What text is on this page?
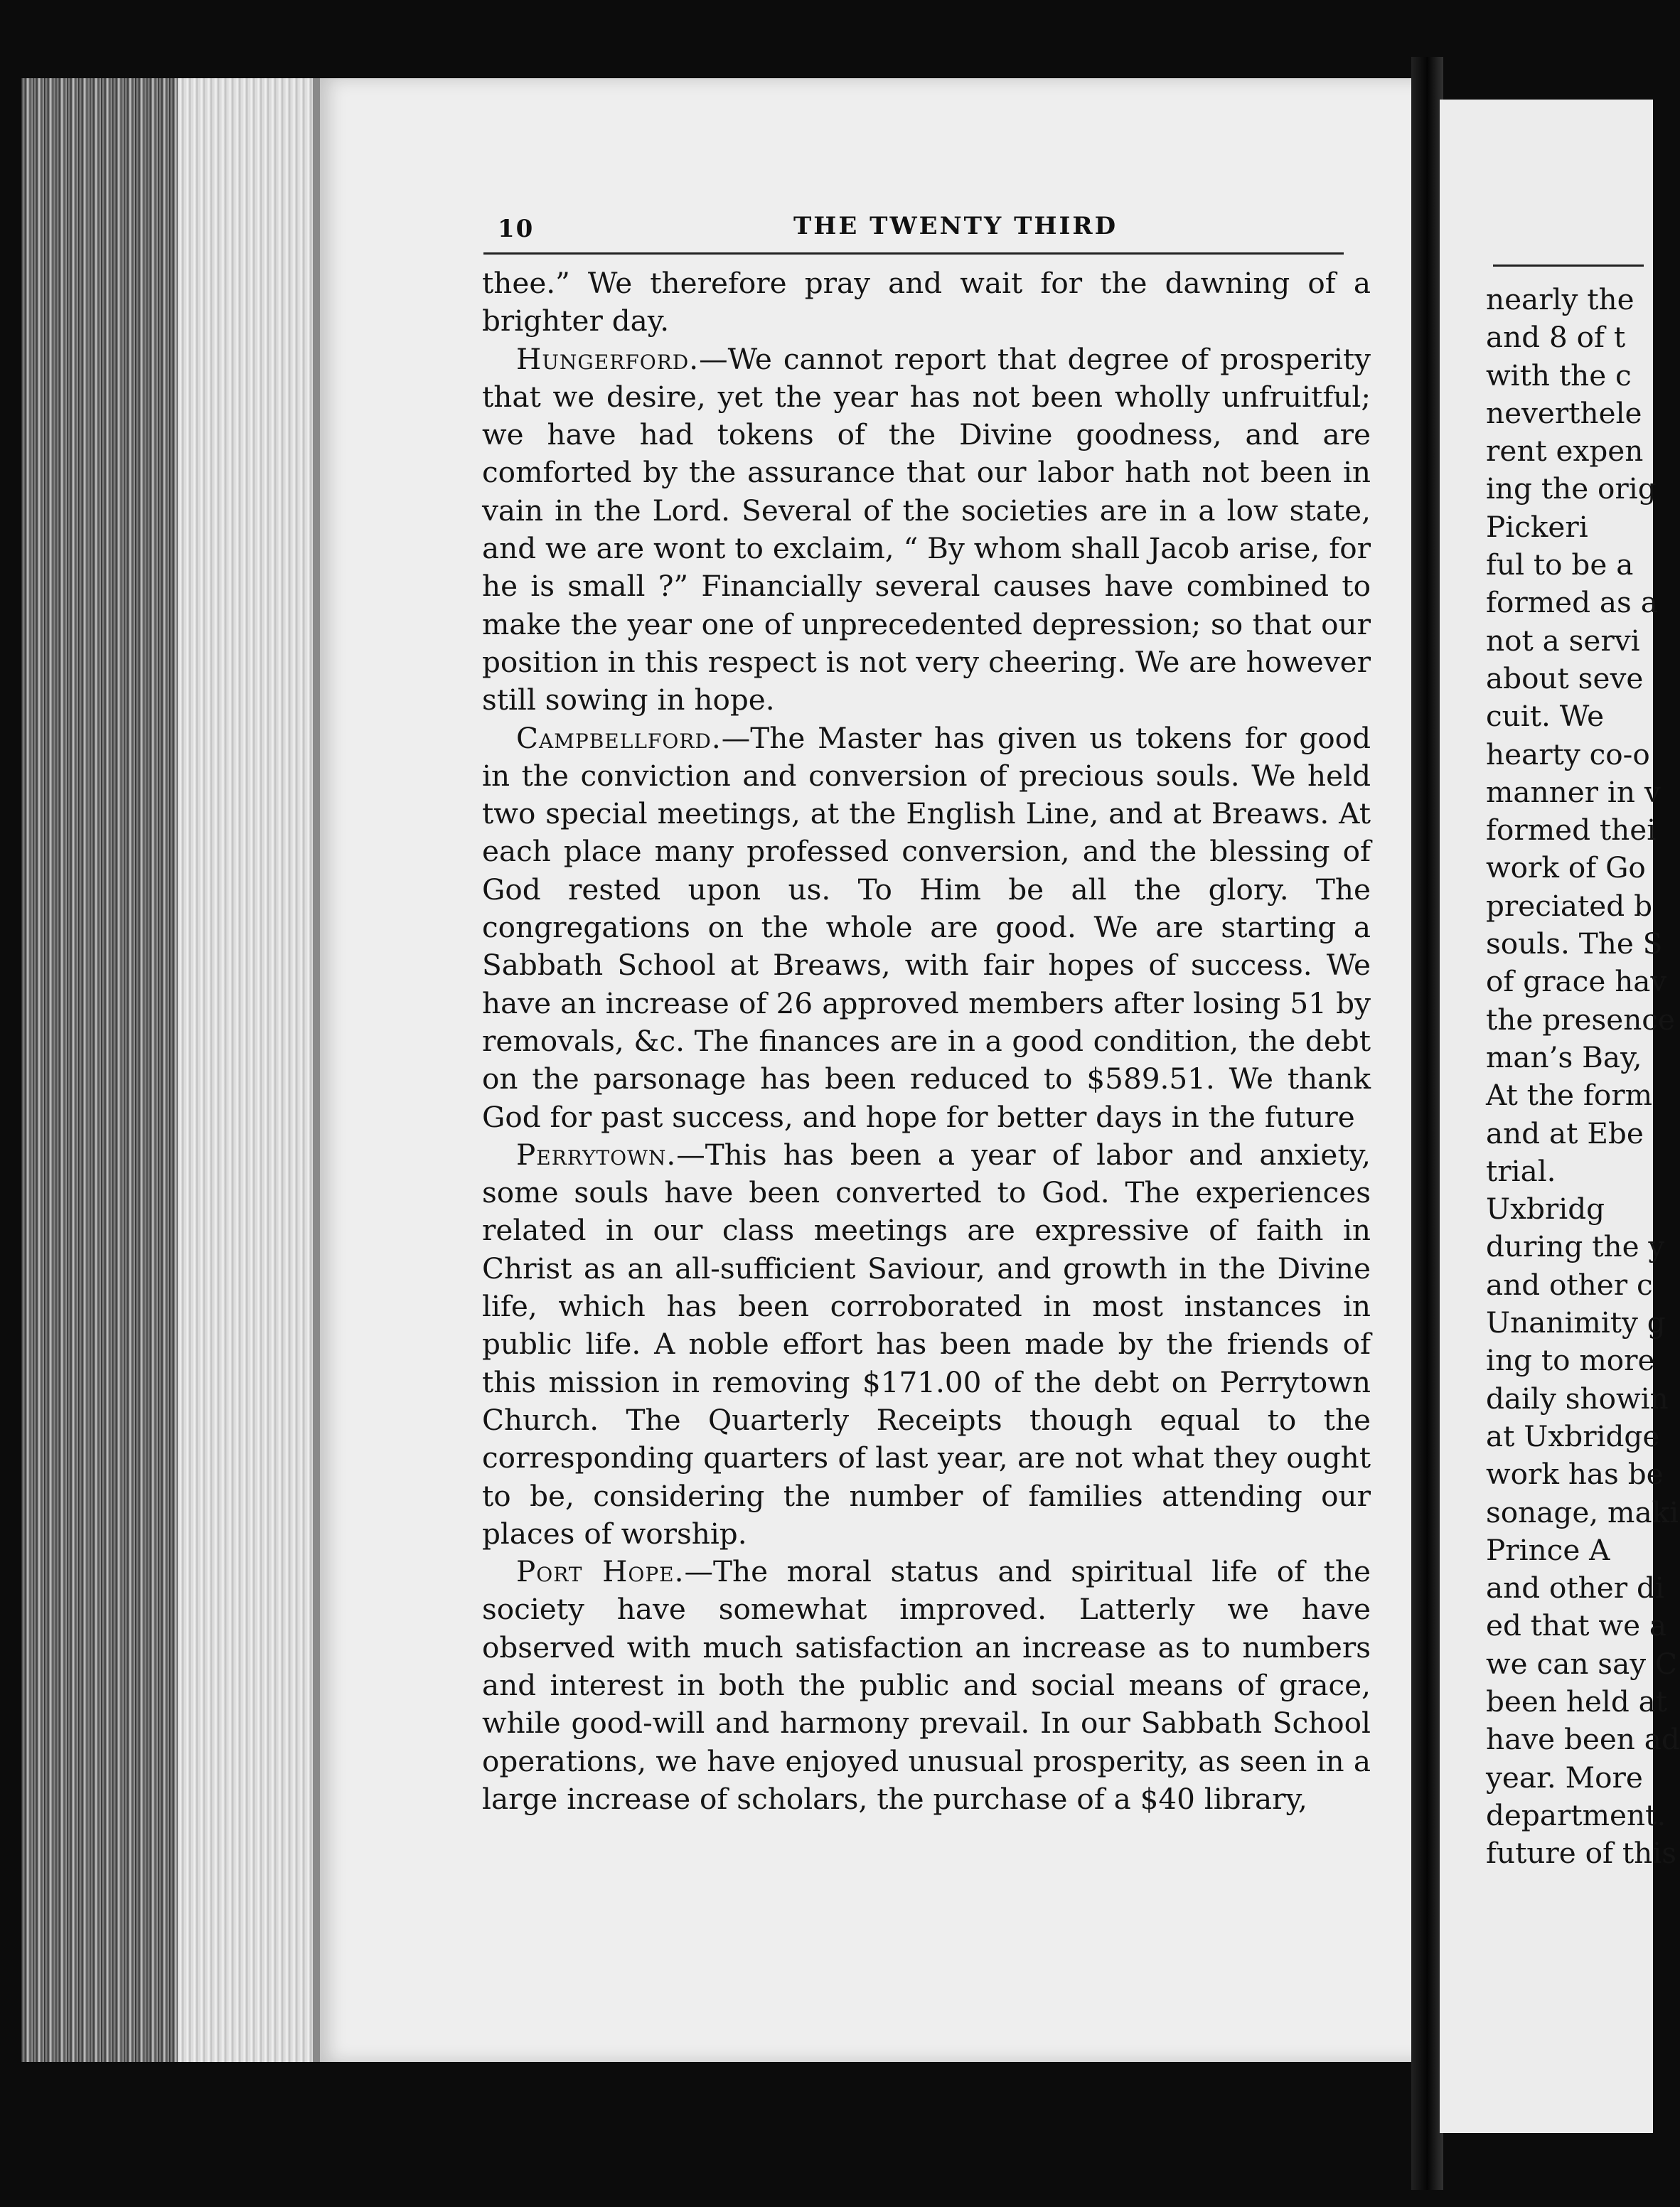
10	THE TWENTY THIRD

thee.” We therefore pray and wait for the dawning of a brighter day.

Hungerford.—We cannot report that degree of prosperity that we desire, yet the year has not been wholly unfruitful; we have had tokens of the Divine goodness, and are comforted by the assurance that our labor hath not been in vain in the Lord. Several of the societies are in a low state, and we are wont to exclaim, “ By whom shall Jacob arise, for he is small ?” Financially several causes have combined to make the year one of unprecedented depression; so that our position in this respect is not very cheering. We are however still sowing in hope.

Campbellford.—The Master has given us tokens for good in the conviction and conversion of precious souls. We held two special meetings, at the English Line, and at Breaws. At each place many professed conversion, and the blessing of God rested upon us. To Him be all the glory. The congregations on the whole are good. We are starting a Sabbath School at Breaws, with fair hopes of success. We have an increase of 26 approved members after losing 51 by removals, &c. The finances are in a good condition, the debt on the parsonage has been reduced to $589.51. We thank God for past success, and hope for better days in the future

Perrytown.—This has been a year of labor and anxiety, some souls have been converted to God. The experiences related in our class meetings are expressive of faith in Christ as an all-sufficient Saviour, and growth in the Divine life, which has been corroborated in most instances in public life. A noble effort has been made by the friends of this mission in removing $171.00 of the debt on Perrytown Church. The Quarterly Receipts though equal to the corresponding quarters of last year, are not what they ought to be, considering the number of families attending our places of worship.

Port Hope.—The moral status and spiritual life of the society have somewhat improved. Latterly we have observed with much satisfaction an increase as to numbers and interest in both the public and social means of grace, while good-will and harmony prevail. In our Sabbath School operations, we have enjoyed unusual prosperity, as seen in a large increase of scholars, the purchase of a $40 library,

nearly the
and 8 of t
with the c
neverthele
rent expen
ing the orig
Pickeri
ful to be a
formed as a
not a servi
about seve
cuit. We
hearty co-o
manner in v
formed thei
work of Go
preciated b
souls. The S
of grace hav
the presence
man’s Bay,
At the form
and at Ebe
trial.
Uxbridg
during the y
and other c
Unanimity g
ing to more
daily showin
at Uxbridge
work has be
sonage, maki
Prince A
and other di
ed that we a
we can say C
been held at
have been ad
year. More
department.
future of this
